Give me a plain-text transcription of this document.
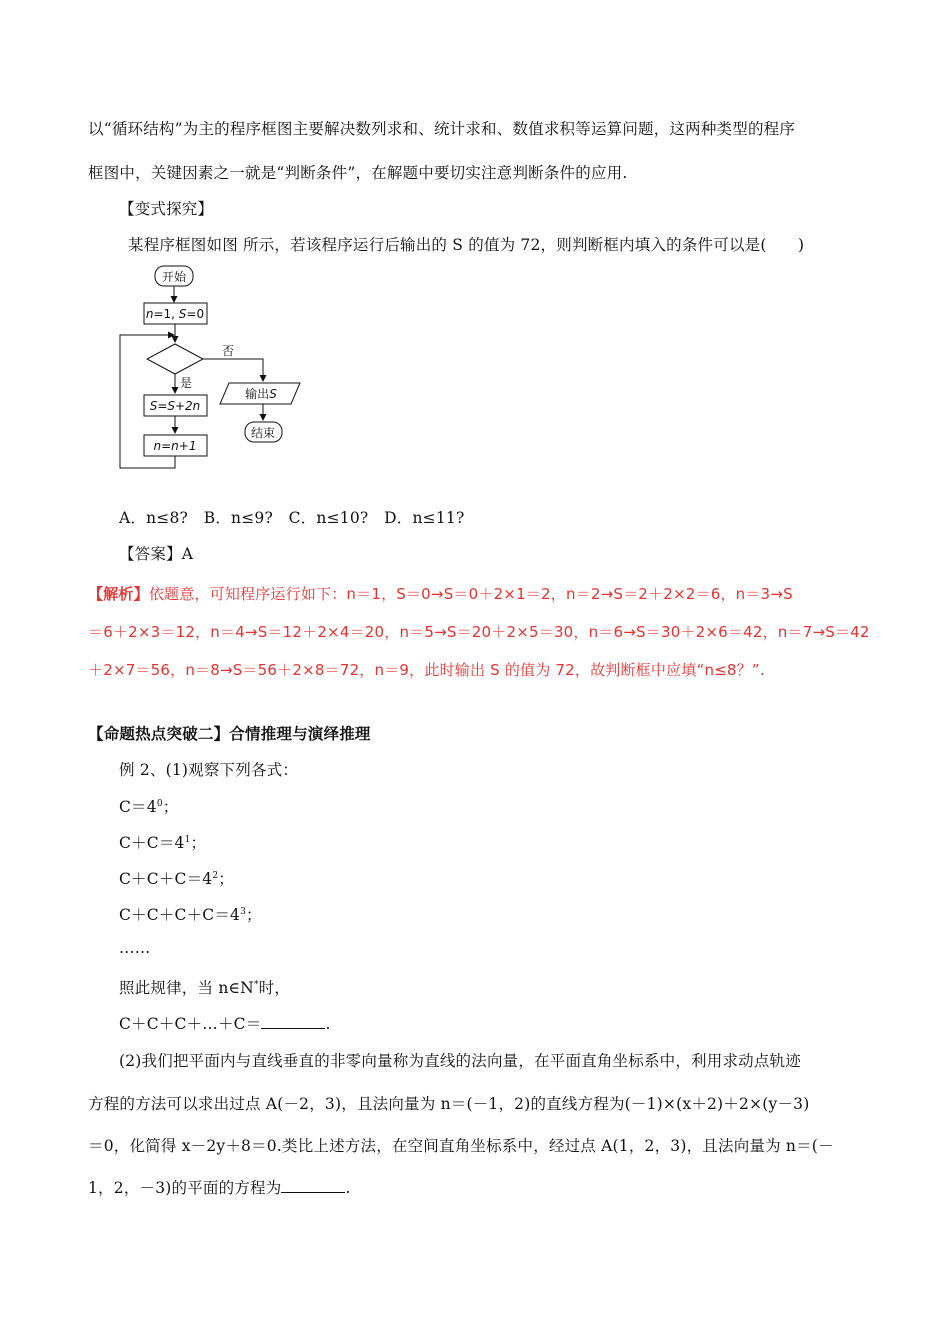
以“循环结构”为主的程序框图主要解决数列求和、统计求和、数值求积等运算问题，这两种类型的程序
框图中，关键因素之一就是“判断条件”，在解题中要切实注意判断条件的应用.
【变式探究】
某程序框图如图 所示，若该程序运行后输出的 S 的值为 72，则判断框内填入的条件可以是(　　)
开始
n=1, S=0
否
输出S
结束
是
S=S+2n
n=n+1
A．n≤8?　B．n≤9?　C．n≤10?　D．n≤11?
【答案】A
【解析】依题意，可知程序运行如下：n＝1，S＝0→S＝0＋2×1＝2，n＝2→S＝2＋2×2＝6，n＝3→S
＝6＋2×3＝12，n＝4→S＝12＋2×4＝20，n＝5→S＝20＋2×5＝30，n＝6→S＝30＋2×6＝42，n＝7→S＝42
＋2×7＝56，n＝8→S＝56＋2×8＝72，n＝9，此时输出 S 的值为 72，故判断框中应填“n≤8？”.
【命题热点突破二】合情推理与演绎推理
例 2、(1)观察下列各式：
$C=4^0$；
$C+C=4^1$；
$C+C+C=4^2$；
$C+C+C+C=4^3$；
……
照此规律，当 n∈N*时，
C＋C＋C＋…＋C＝	.
(2)我们把平面内与直线垂直的非零向量称为直线的法向量，在平面直角坐标系中，利用求动点轨迹
方程的方法可以求出过点 A(－2，3)，且法向量为 n＝(－1，2)的直线方程为(－1)×(x＋2)＋2×(y－3)
＝0，化简得 x－2y＋8＝0.类比上述方法，在空间直角坐标系中，经过点 A(1，2，3)，且法向量为 n＝(－
1，2，－3)的平面的方程为	.
